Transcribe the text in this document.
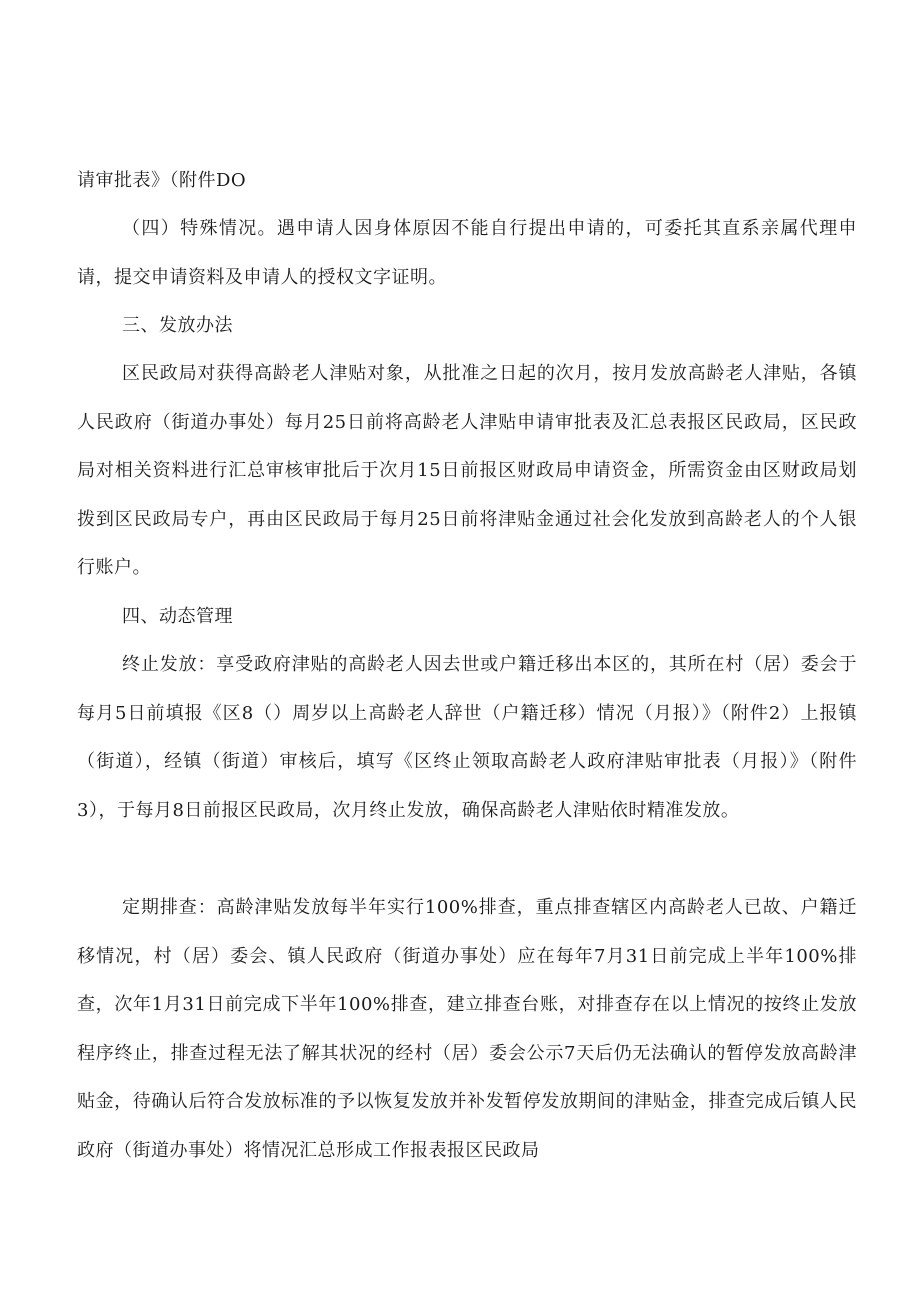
请审批表》（附件DO

（四）特殊情况。遇申请人因身体原因不能自行提出申请的，可委托其直系亲属代理申请，提交申请资料及申请人的授权文字证明。

三、发放办法

区民政局对获得高龄老人津贴对象，从批准之日起的次月，按月发放高龄老人津贴，各镇人民政府（街道办事处）每月25日前将高龄老人津贴申请审批表及汇总表报区民政局，区民政局对相关资料进行汇总审核审批后于次月15日前报区财政局申请资金，所需资金由区财政局划拨到区民政局专户，再由区民政局于每月25日前将津贴金通过社会化发放到高龄老人的个人银行账户。

四、动态管理

终止发放：享受政府津贴的高龄老人因去世或户籍迁移出本区的，其所在村（居）委会于每月5日前填报《区8（）周岁以上高龄老人辞世（户籍迁移）情况（月报）》（附件2）上报镇（街道），经镇（街道）审核后，填写《区终止领取高龄老人政府津贴审批表（月报）》（附件3），于每月8日前报区民政局，次月终止发放，确保高龄老人津贴依时精准发放。

定期排查：高龄津贴发放每半年实行100%排查，重点排查辖区内高龄老人已故、户籍迁移情况，村（居）委会、镇人民政府（街道办事处）应在每年7月31日前完成上半年100%排查，次年1月31日前完成下半年100%排查，建立排查台账，对排查存在以上情况的按终止发放程序终止，排查过程无法了解其状况的经村（居）委会公示7天后仍无法确认的暂停发放高龄津贴金，待确认后符合发放标准的予以恢复发放并补发暂停发放期间的津贴金，排查完成后镇人民政府（街道办事处）将情况汇总形成工作报表报区民政局
